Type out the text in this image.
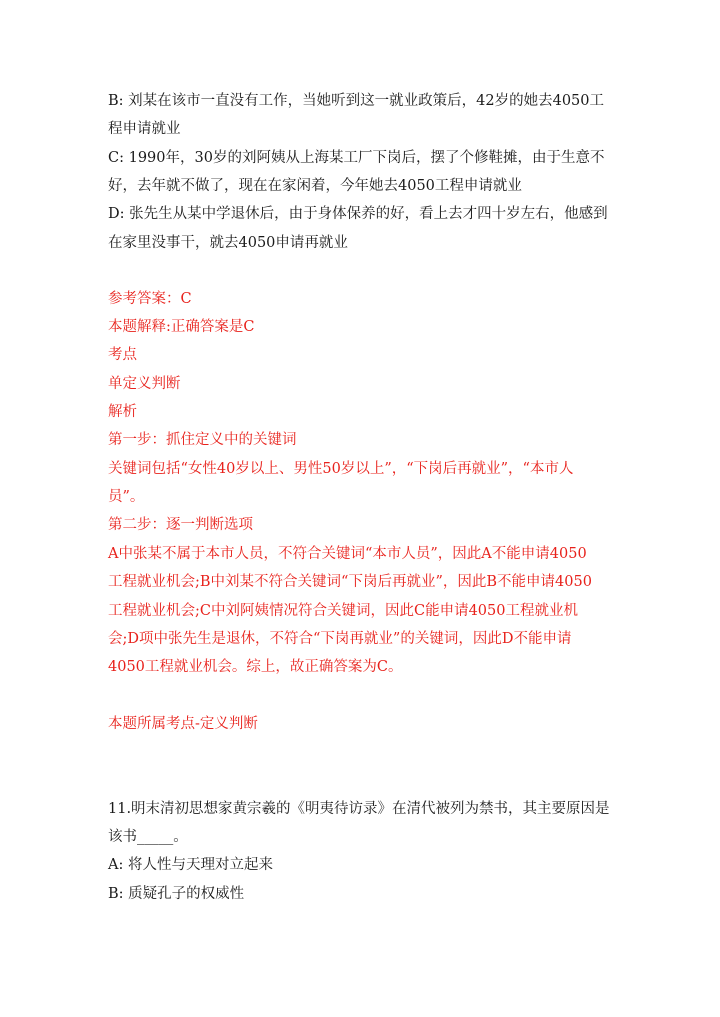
B: 刘某在该市一直没有工作，当她听到这一就业政策后，42岁的她去4050工
程申请就业
C: 1990年，30岁的刘阿姨从上海某工厂下岗后，摆了个修鞋摊，由于生意不
好，去年就不做了，现在在家闲着，今年她去4050工程申请就业
D: 张先生从某中学退休后，由于身体保养的好，看上去才四十岁左右，他感到
在家里没事干，就去4050申请再就业
参考答案：C
本题解释:正确答案是C
考点
单定义判断
解析
第一步：抓住定义中的关键词
关键词包括“女性40岁以上、男性50岁以上”，“下岗后再就业”，“本市人
员”。
第二步：逐一判断选项
A中张某不属于本市人员，不符合关键词“本市人员”，因此A不能申请4050
工程就业机会;B中刘某不符合关键词“下岗后再就业”，因此B不能申请4050
工程就业机会;C中刘阿姨情况符合关键词，因此C能申请4050工程就业机
会;D项中张先生是退休，不符合“下岗再就业”的关键词，因此D不能申请
4050工程就业机会。综上，故正确答案为C。
本题所属考点-定义判断
11.明末清初思想家黄宗羲的《明夷待访录》在清代被列为禁书，其主要原因是
该书_____。
A: 将人性与天理对立起来
B: 质疑孔子的权威性
